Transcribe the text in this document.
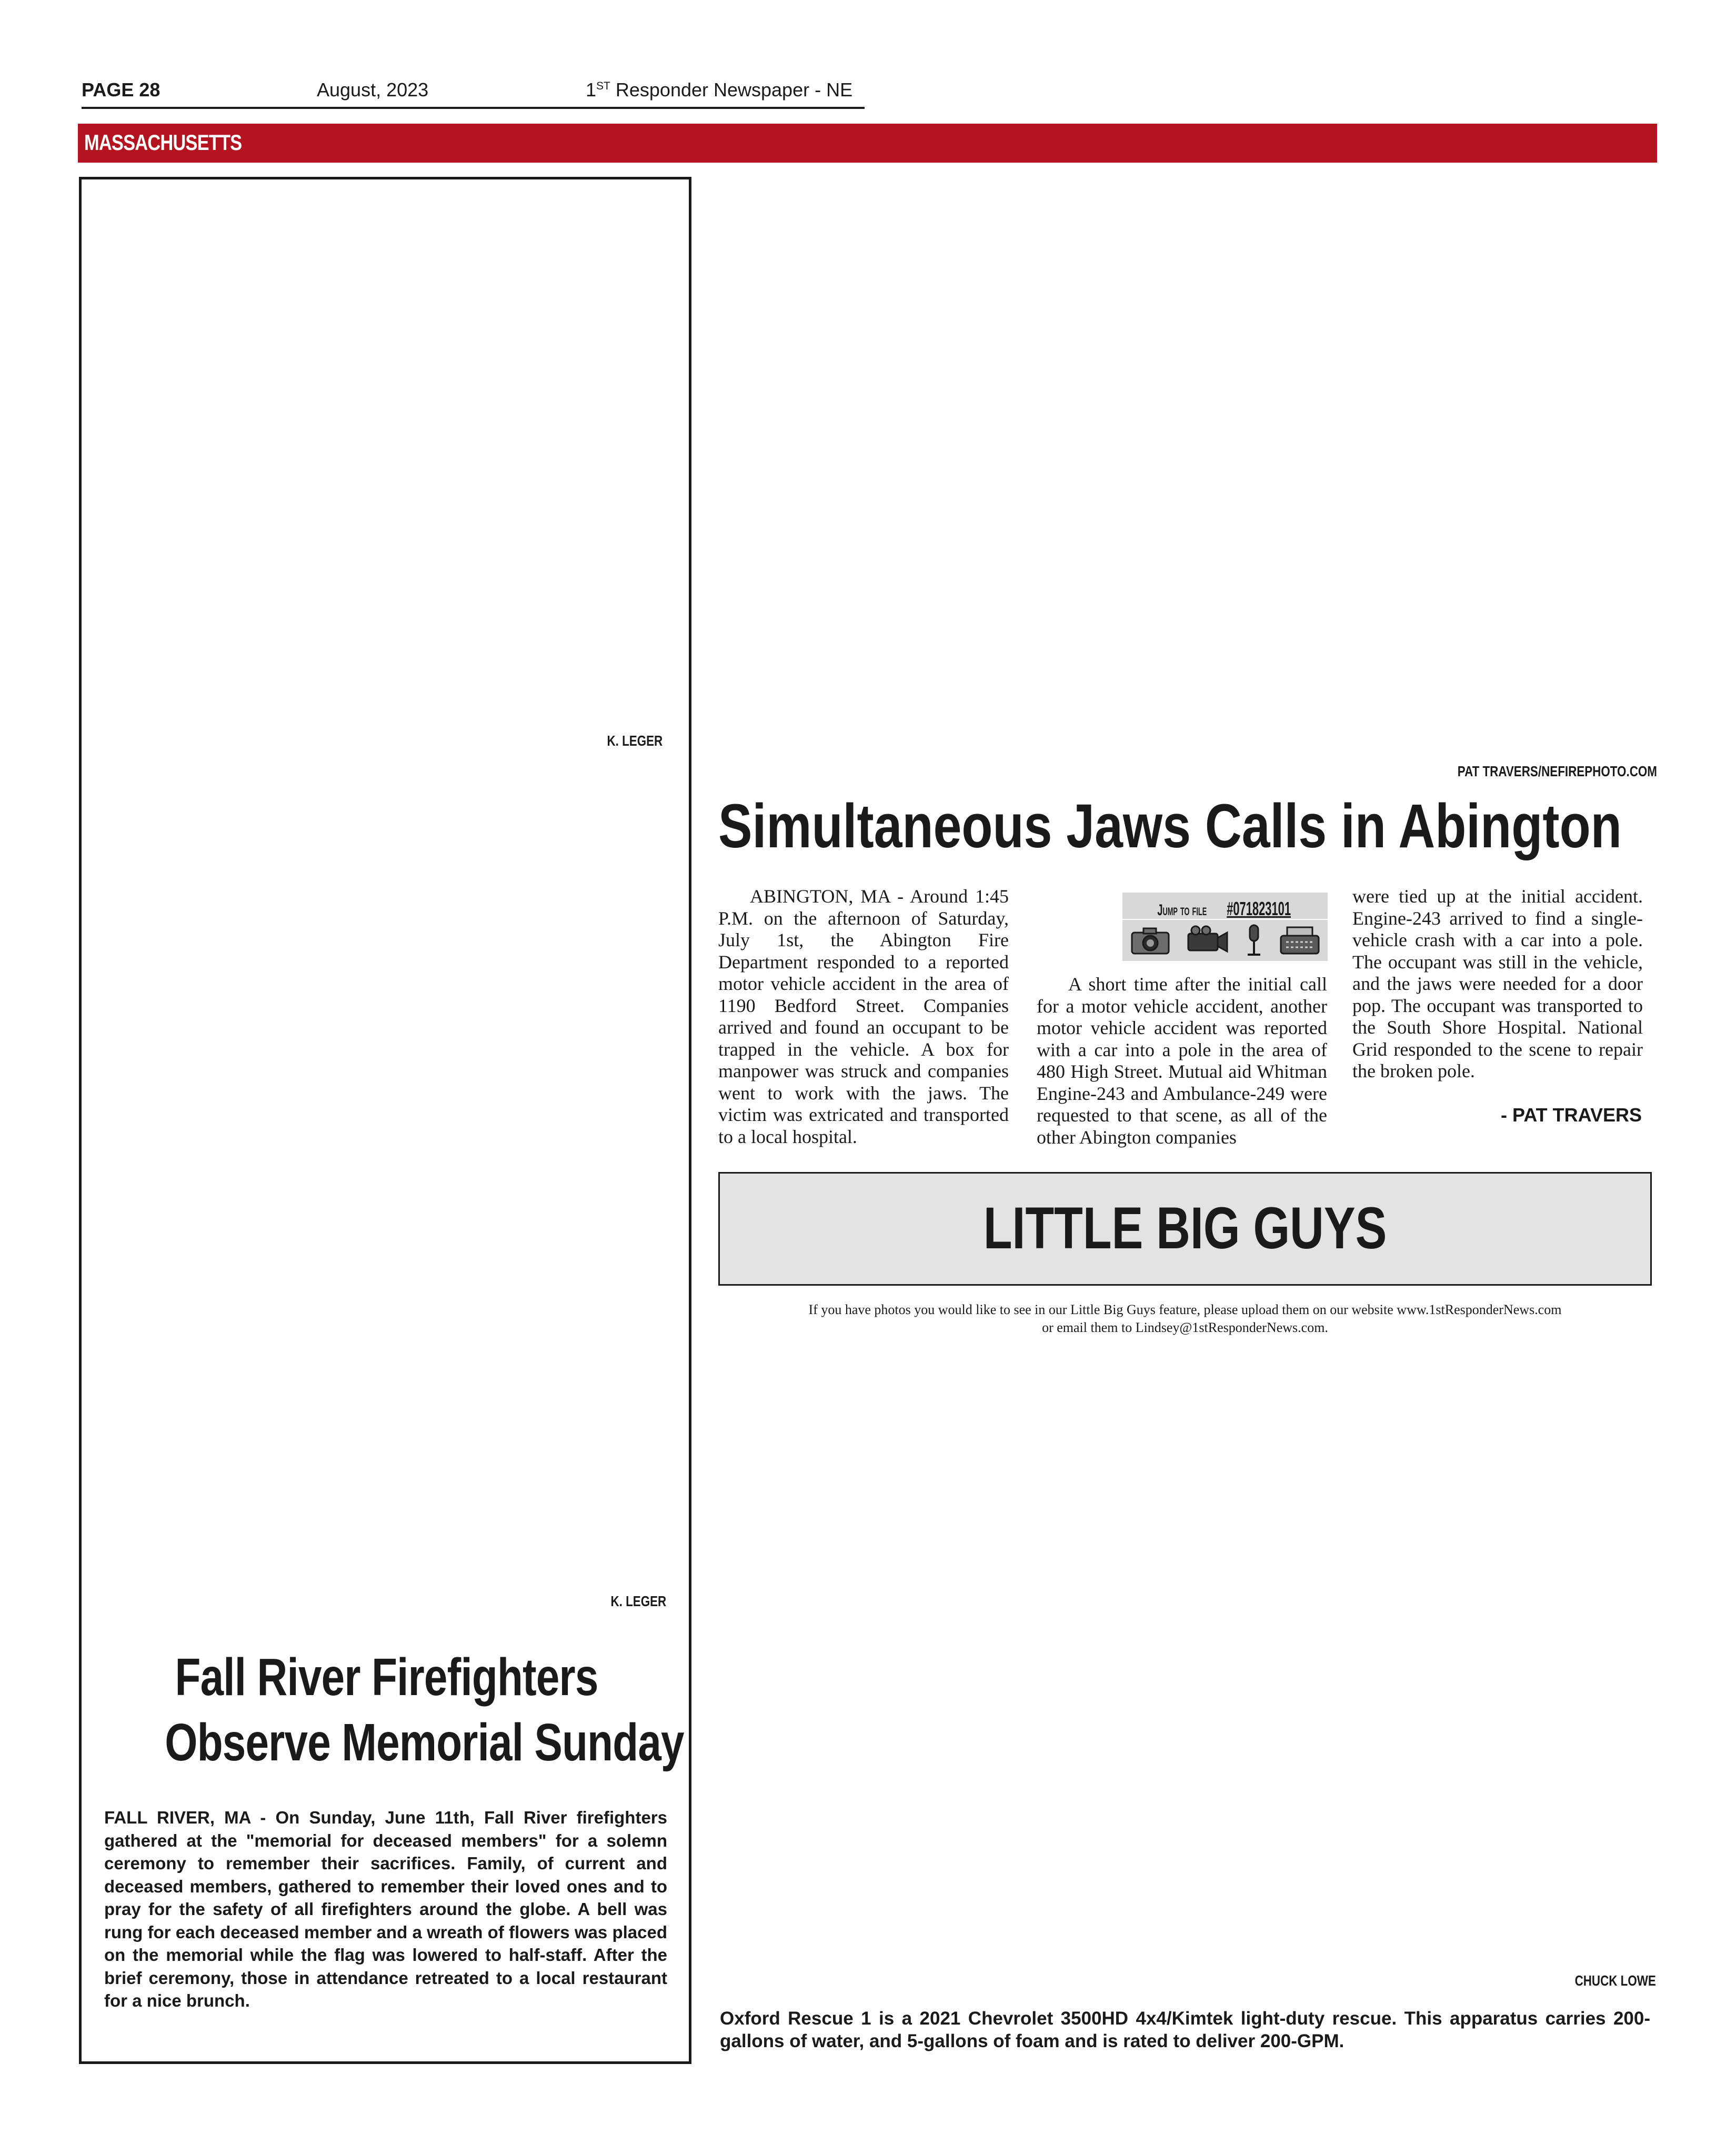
PAGE 28	August, 2023	1ST Responder Newspaper - NE
MASSACHUSETTS
K. LEGER
K. LEGER
Fall River Firefighters
Observe Memorial Sunday
FALL RIVER, MA - On Sunday, June 11th, Fall River firefighters gathered at the "memorial for deceased members" for a solemn ceremony to remember their sacrifices. Family, of current and deceased members, gathered to remember their loved ones and to pray for the safety of all firefighters around the globe. A bell was rung for each deceased member and a wreath of flowers was placed on the memorial while the flag was lowered to half-staff. After the brief ceremony, those in attendance retreated to a local restaurant for a nice brunch.
PAT TRAVERS/NEFIREPHOTO.COM
Simultaneous Jaws Calls in Abington
ABINGTON, MA - Around 1:45 P.M. on the afternoon of Saturday, July 1st, the Abington Fire Department responded to a reported motor vehicle accident in the area of 1190 Bedford Street. Companies arrived and found an occupant to be trapped in the vehicle. A box for manpower was struck and companies went to work with the jaws. The victim was extricated and transported to a local hospital.
Jump to file #071823101
A short time after the initial call for a motor vehicle accident, another motor vehicle accident was reported with a car into a pole in the area of 480 High Street. Mutual aid Whitman Engine-243 and Ambulance-249 were requested to that scene, as all of the other Abington companies
were tied up at the initial accident. Engine-243 arrived to find a single-vehicle crash with a car into a pole. The occupant was still in the vehicle, and the jaws were needed for a door pop. The occupant was transported to the South Shore Hospital. National Grid responded to the scene to repair the broken pole.
- PAT TRAVERS
LITTLE BIG GUYS
If you have photos you would like to see in our Little Big Guys feature, please upload them on our website www.1stResponderNews.com
or email them to Lindsey@1stResponderNews.com.
CHUCK LOWE
Oxford Rescue 1 is a 2021 Chevrolet 3500HD 4x4/Kimtek light-duty rescue. This apparatus carries 200-gallons of water, and 5-gallons of foam and is rated to deliver 200-GPM.
